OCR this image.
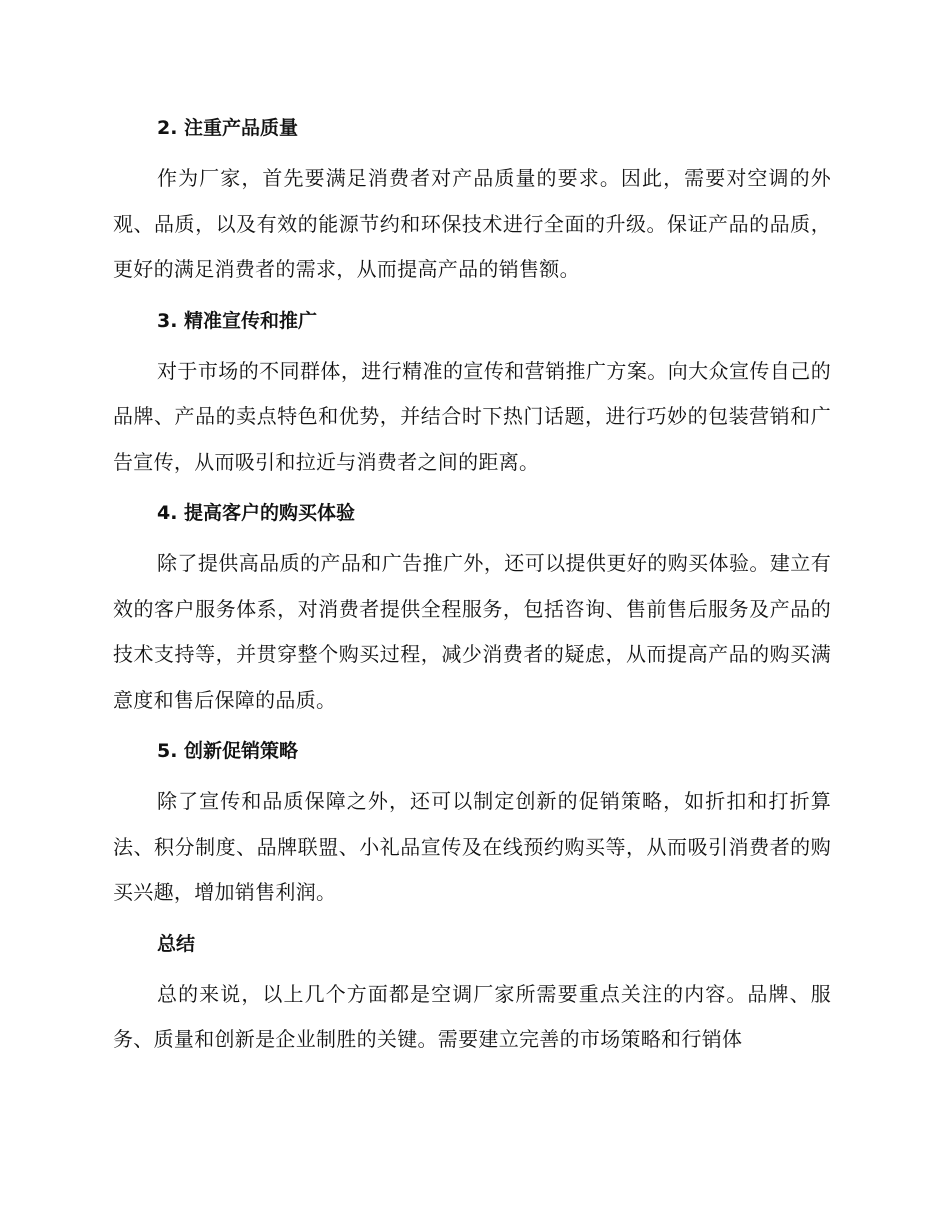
2. 注重产品质量

作为厂家，首先要满足消费者对产品质量的要求。因此，需要对空调的外观、品质，以及有效的能源节约和环保技术进行全面的升级。保证产品的品质，更好的满足消费者的需求，从而提高产品的销售额。

3. 精准宣传和推广

对于市场的不同群体，进行精准的宣传和营销推广方案。向大众宣传自己的品牌、产品的卖点特色和优势，并结合时下热门话题，进行巧妙的包装营销和广告宣传，从而吸引和拉近与消费者之间的距离。

4. 提高客户的购买体验

除了提供高品质的产品和广告推广外，还可以提供更好的购买体验。建立有效的客户服务体系，对消费者提供全程服务，包括咨询、售前售后服务及产品的技术支持等，并贯穿整个购买过程，减少消费者的疑虑，从而提高产品的购买满意度和售后保障的品质。

5. 创新促销策略

除了宣传和品质保障之外，还可以制定创新的促销策略，如折扣和打折算法、积分制度、品牌联盟、小礼品宣传及在线预约购买等，从而吸引消费者的购买兴趣，增加销售利润。

总结

总的来说，以上几个方面都是空调厂家所需要重点关注的内容。品牌、服务、质量和创新是企业制胜的关键。需要建立完善的市场策略和行销体
